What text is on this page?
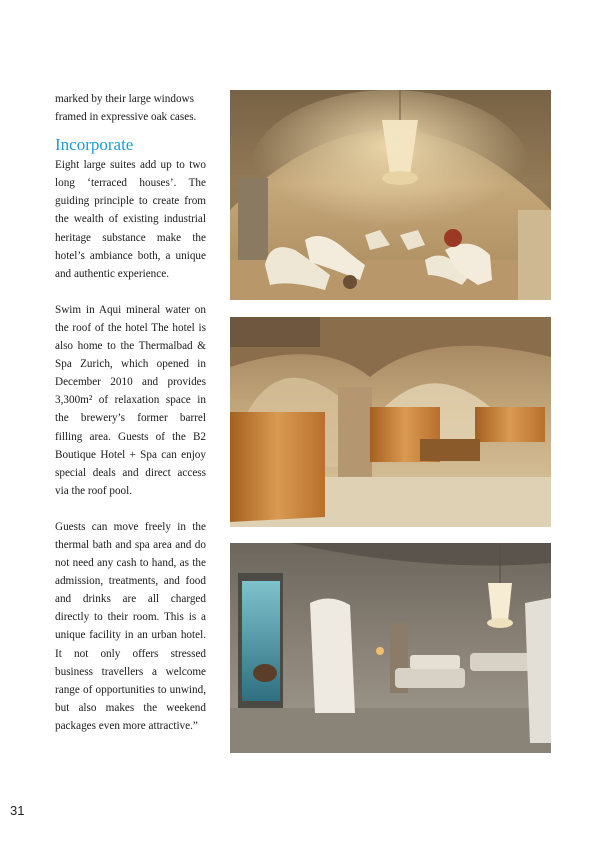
marked by their large windows framed in expressive oak cases.

Incorporate

Eight large suites add up to two long ‘terraced houses’. The guiding principle to create from the wealth of existing industrial heritage substance make the hotel’s ambiance both, a unique and authentic experience.

Swim in Aqui mineral water on the roof of the hotel The hotel is also home to the Thermalbad & Spa Zurich, which opened in December 2010 and provides 3,300m² of relaxation space in the brewery’s former barrel filling area. Guests of the B2 Boutique Hotel + Spa can enjoy special deals and direct access via the roof pool.

Guests can move freely in the thermal bath and spa area and do not need any cash to hand, as the admission, treatments, and food and drinks are all charged directly to their room. This is a unique facility in an urban hotel. It not only offers stressed business travellers a welcome range of opportunities to unwind, but also makes the weekend packages even more attractive.”

31
